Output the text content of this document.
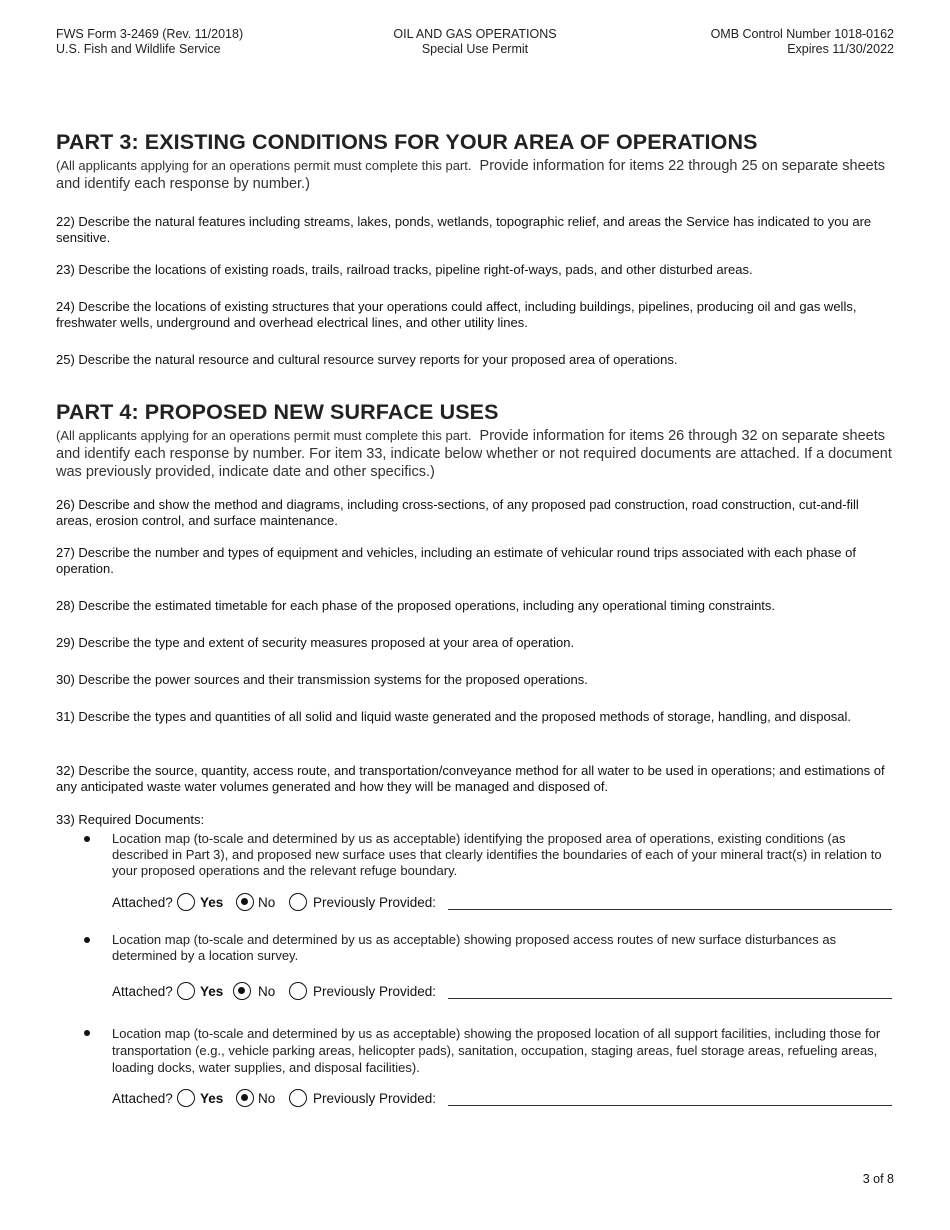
FWS Form 3-2469 (Rev. 11/2018)
U.S. Fish and Wildlife Service
OIL AND GAS OPERATIONS
Special Use Permit
OMB Control Number 1018-0162
Expires 11/30/2022
PART 3: EXISTING CONDITIONS FOR YOUR AREA OF OPERATIONS
(All applicants applying for an operations permit must complete this part. Provide information for items 22 through 25 on separate sheets and identify each response by number.)
22) Describe the natural features including streams, lakes, ponds, wetlands, topographic relief, and areas the Service has indicated to you are sensitive.
23) Describe the locations of existing roads, trails, railroad tracks, pipeline right-of-ways, pads, and other disturbed areas.
24) Describe the locations of existing structures that your operations could affect, including buildings, pipelines, producing oil and gas wells, freshwater wells, underground and overhead electrical lines, and other utility lines.
25) Describe the natural resource and cultural resource survey reports for your proposed area of operations.
PART 4: PROPOSED NEW SURFACE USES
(All applicants applying for an operations permit must complete this part. Provide information for items 26 through 32 on separate sheets and identify each response by number. For item 33, indicate below whether or not required documents are attached. If a document was previously provided, indicate date and other specifics.)
26) Describe and show the method and diagrams, including cross-sections, of any proposed pad construction, road construction, cut-and-fill areas, erosion control, and surface maintenance.
27) Describe the number and types of equipment and vehicles, including an estimate of vehicular round trips associated with each phase of operation.
28) Describe the estimated timetable for each phase of the proposed operations, including any operational timing constraints.
29) Describe the type and extent of security measures proposed at your area of operation.
30) Describe the power sources and their transmission systems for the proposed operations.
31) Describe the types and quantities of all solid and liquid waste generated and the proposed methods of storage, handling, and disposal.
32) Describe the source, quantity, access route, and transportation/conveyance method for all water to be used in operations; and estimations of any anticipated waste water volumes generated and how they will be managed and disposed of.
33) Required Documents:
Location map (to-scale and determined by us as acceptable) identifying the proposed area of operations, existing conditions (as described in Part 3), and proposed new surface uses that clearly identifies the boundaries of each of your mineral tract(s) in relation to your proposed operations and the relevant refuge boundary.
Attached? Yes	No	Previously Provided:
Location map (to-scale and determined by us as acceptable) showing proposed access routes of new surface disturbances as determined by a location survey.
Attached? Yes	No	Previously Provided:
Location map (to-scale and determined by us as acceptable) showing the proposed location of all support facilities, including those for transportation (e.g., vehicle parking areas, helicopter pads), sanitation, occupation, staging areas, fuel storage areas, refueling areas, loading docks, water supplies, and disposal facilities).
Attached? Yes	No	Previously Provided:
3 of 8
